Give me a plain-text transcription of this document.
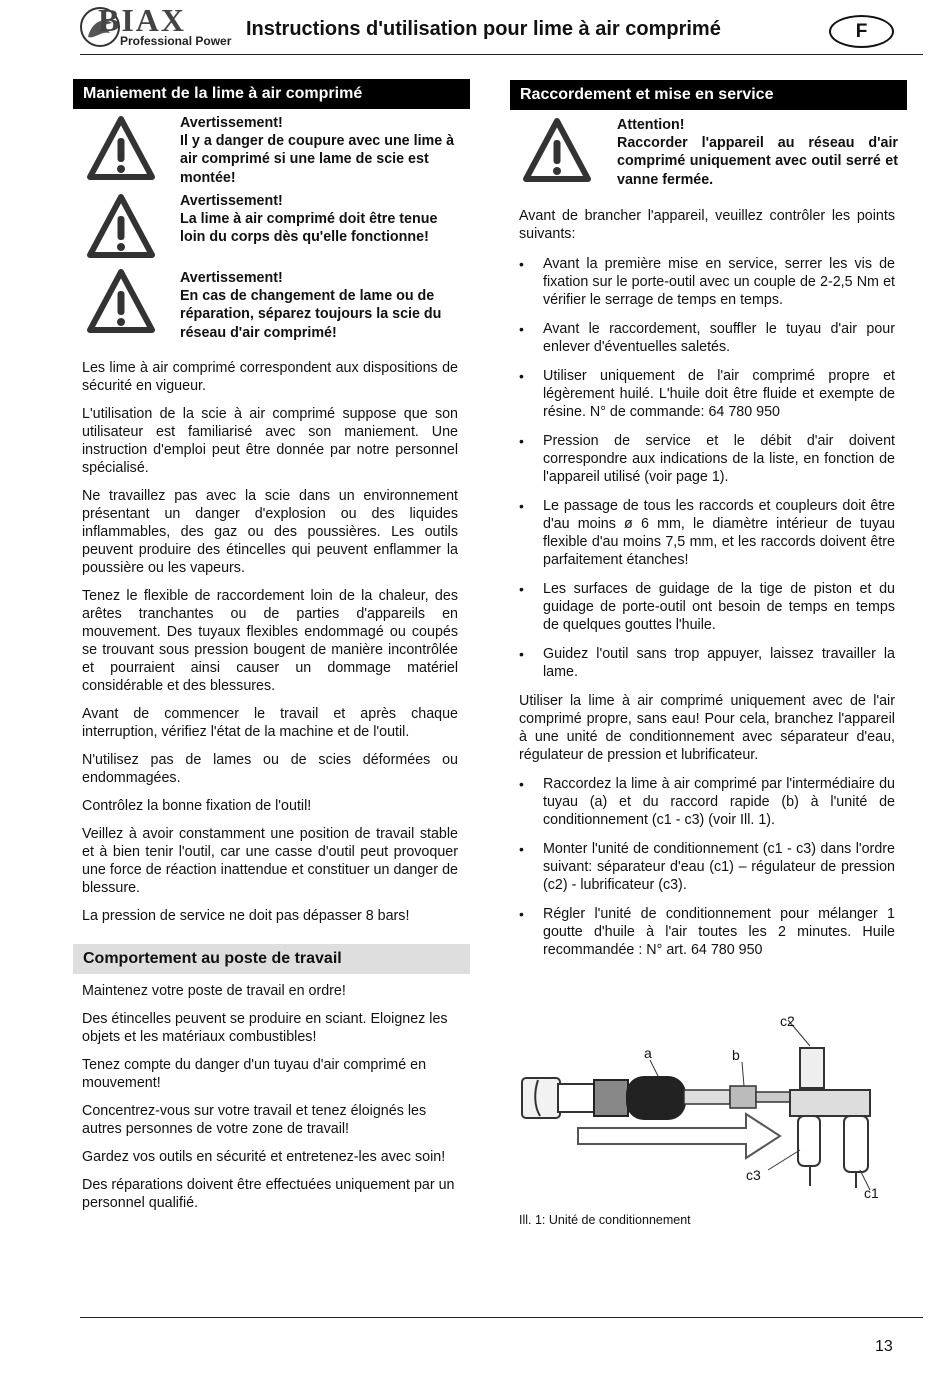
BIAX
Professional Power
Instructions d'utilisation pour lime à air comprimé	F
Maniement de la lime à air comprimé
Avertissement!
Il y a danger de coupure avec une lime à air comprimé si une lame de scie est montée!
Avertissement!
La lime à air comprimé doit être tenue loin du corps dès qu'elle fonctionne!
Avertissement!
En cas de changement de lame ou de réparation, séparez toujours la scie du réseau d'air comprimé!

Les lime à air comprimé correspondent aux dispositions de sécurité en vigueur.

L'utilisation de la scie à air comprimé suppose que son utilisateur est familiarisé avec son maniement. Une instruction d'emploi peut être donnée par notre personnel spécialisé.

Ne travaillez pas avec la scie dans un environnement présentant un danger d'explosion ou des liquides inflammables, des gaz ou des poussières. Les outils peuvent produire des étincelles qui peuvent enflammer la poussière ou les vapeurs.

Tenez le flexible de raccordement loin de la chaleur, des arêtes tranchantes ou de parties d'appareils en mouvement. Des tuyaux flexibles endommagé ou coupés se trouvant sous pression bougent de manière incontrôlée et pourraient ainsi causer un dommage matériel considérable et des blessures.

Avant de commencer le travail et après chaque interruption, vérifiez l'état de la machine et de l'outil.

N'utilisez pas de lames ou de scies déformées ou endommagées.

Contrôlez la bonne fixation de l'outil!

Veillez à avoir constamment une position de travail stable et à bien tenir l'outil, car une casse d'outil peut provoquer une force de réaction inattendue et constituer un danger de blessure.

La pression de service ne doit pas dépasser 8 bars!

Comportement au poste de travail

Maintenez votre poste de travail en ordre!

Des étincelles peuvent se produire en sciant. Eloignez les objets et les matériaux combustibles!

Tenez compte du danger d'un tuyau d'air comprimé en mouvement!

Concentrez-vous sur votre travail et tenez éloignés les autres personnes de votre zone de travail!

Gardez vos outils en sécurité et entretenez-les avec soin!

Des réparations doivent être effectuées uniquement par un personnel qualifié.

Raccordement et mise en service
Attention!
Raccorder l'appareil au réseau d'air comprimé uniquement avec outil serré et vanne fermée.

Avant de brancher l'appareil, veuillez contrôler les points suivants:

• Avant la première mise en service, serrer les vis de fixation sur le porte-outil avec un couple de 2-2,5 Nm et vérifier le serrage de temps en temps.
• Avant le raccordement, souffler le tuyau d'air pour enlever d'éventuelles saletés.
• Utiliser uniquement de l'air comprimé propre et légèrement huilé. L'huile doit être fluide et exempte de résine. N° de commande: 64 780 950
• Pression de service et le débit d'air doivent correspondre aux indications de la liste, en fonction de l'appareil utilisé (voir page 1).
• Le passage de tous les raccords et coupleurs doit être d'au moins ø 6 mm, le diamètre intérieur de tuyau flexible d'au moins 7,5 mm, et les raccords doivent être parfaitement étanches!
• Les surfaces de guidage de la tige de piston et du guidage de porte-outil ont besoin de temps en temps de quelques gouttes l'huile.
• Guidez l'outil sans trop appuyer, laissez travailler la lame.

Utiliser la lime à air comprimé uniquement avec de l'air comprimé propre, sans eau! Pour cela, branchez l'appareil à une unité de conditionnement avec séparateur d'eau, régulateur de pression et lubrificateur.

• Raccordez la lime à air comprimé par l'intermédiaire du tuyau (a) et du raccord rapide (b) à l'unité de conditionnement (c1 - c3) (voir Ill. 1).
• Monter l'unité de conditionnement (c1 - c3) dans l'ordre suivant: séparateur d'eau (c1) – régulateur de pression (c2) - lubrificateur (c3).
• Régler l'unité de conditionnement pour mélanger 1 goutte d'huile à l'air toutes les 2 minutes. Huile recommandée : N° art. 64 780 950
c2
a	b
c3
c1
Ill. 1: Unité de conditionnement
13
